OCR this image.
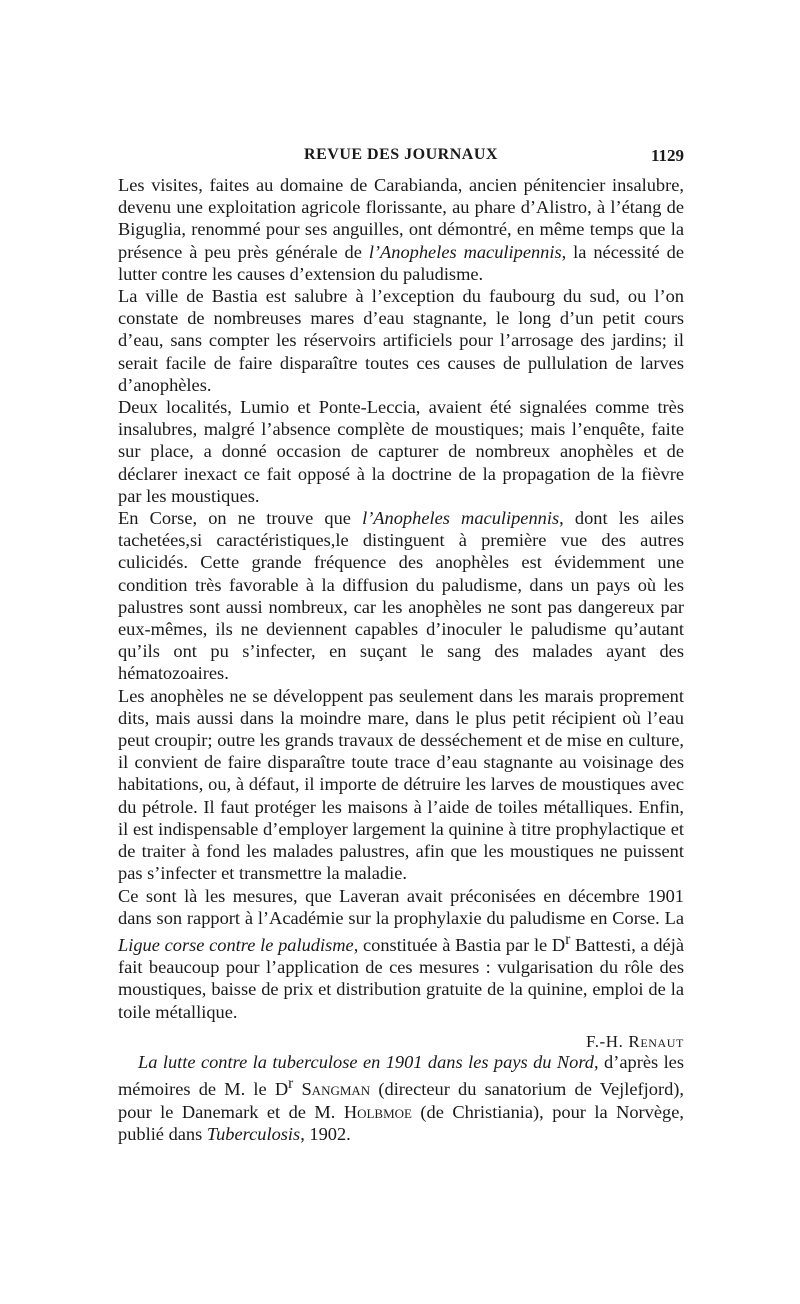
REVUE DES JOURNAUX	1129

Les visites, faites au domaine de Carabianda, ancien pénitencier insalubre, devenu une exploitation agricole florissante, au phare d’Alistro, à l’étang de Biguglia, renommé pour ses anguilles, ont démontré, en même temps que la présence à peu près générale de l’Anopheles maculipennis, la nécessité de lutter contre les causes d’extension du paludisme.

La ville de Bastia est salubre à l’exception du faubourg du sud, ou l’on constate de nombreuses mares d’eau stagnante, le long d’un petit cours d’eau, sans compter les réservoirs artificiels pour l’arrosage des jardins; il serait facile de faire disparaître toutes ces causes de pullulation de larves d’anophèles.

Deux localités, Lumio et Ponte-Leccia, avaient été signalées comme très insalubres, malgré l’absence complète de moustiques; mais l’enquête, faite sur place, a donné occasion de capturer de nombreux anophèles et de déclarer inexact ce fait opposé à la doctrine de la propagation de la fièvre par les moustiques.

En Corse, on ne trouve que l’Anopheles maculipennis, dont les ailes tachetées,si caractéristiques,le distinguent à première vue des autres culicidés. Cette grande fréquence des anophèles est évidemment une condition très favorable à la diffusion du paludisme, dans un pays où les palustres sont aussi nombreux, car les anophèles ne sont pas dangereux par eux-mêmes, ils ne deviennent capables d’inoculer le paludisme qu’autant qu’ils ont pu s’infecter, en suçant le sang des malades ayant des hématozoaires.

Les anophèles ne se développent pas seulement dans les marais proprement dits, mais aussi dans la moindre mare, dans le plus petit récipient où l’eau peut croupir; outre les grands travaux de desséchement et de mise en culture, il convient de faire disparaître toute trace d’eau stagnante au voisinage des habitations, ou, à défaut, il importe de détruire les larves de moustiques avec du pétrole. Il faut protéger les maisons à l’aide de toiles métalliques. Enfin, il est indispensable d’employer largement la quinine à titre prophylactique et de traiter à fond les malades palustres, afin que les moustiques ne puissent pas s’infecter et transmettre la maladie.

Ce sont là les mesures, que Laveran avait préconisées en décembre 1901 dans son rapport à l’Académie sur la prophylaxie du paludisme en Corse. La Ligue corse contre le paludisme, constituée à Bastia par le $D^r$ Battesti, a déjà fait beaucoup pour l’application de ces mesures : vulgarisation du rôle des moustiques, baisse de prix et distribution gratuite de la quinine, emploi de la toile métallique.

F.-H. Renaut

La lutte contre la tuberculose en 1901 dans les pays du Nord, d’après les mémoires de M. le $D^r$ Sangman (directeur du sanatorium de Vejlefjord), pour le Danemark et de M. Holbmoe (de Christiania), pour la Norvège, publié dans Tuberculosis, 1902.
